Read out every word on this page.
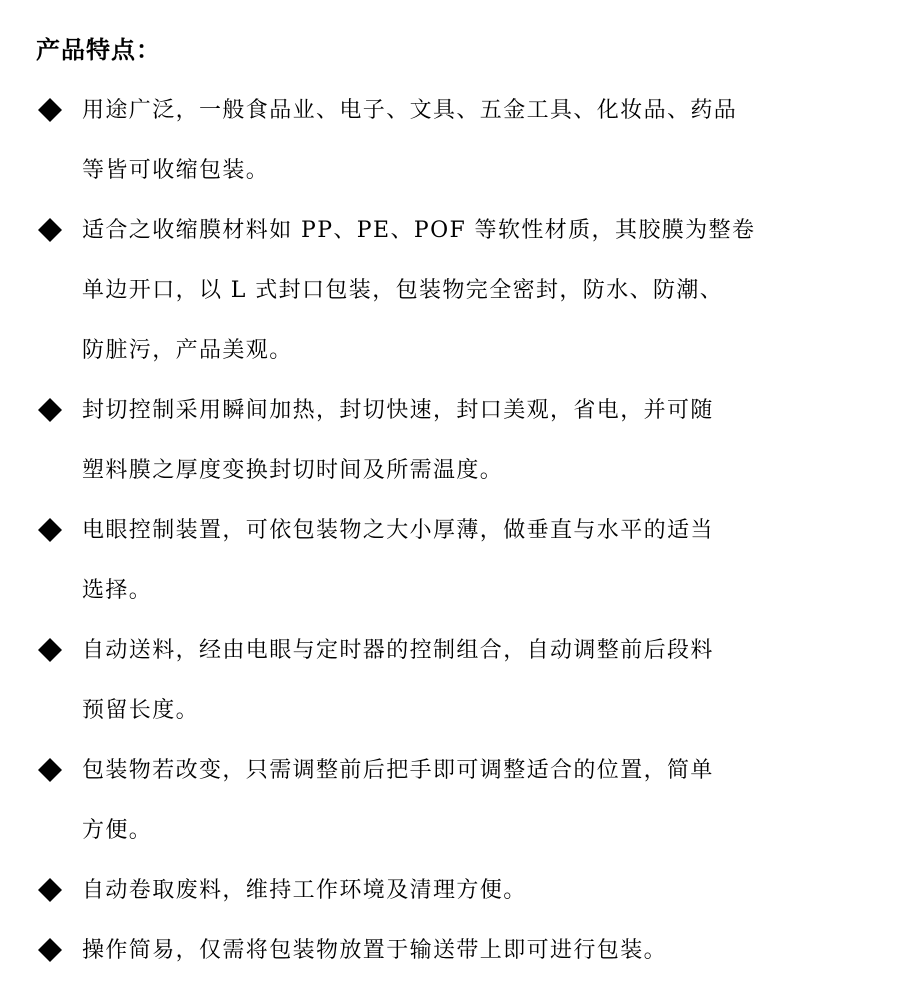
产品特点：
用途广泛，一般食品业、电子、文具、五金工具、化妆品、药品
等皆可收缩包装。
适合之收缩膜材料如 PP、PE、POF 等软性材质，其胶膜为整卷
单边开口，以 L 式封口包装，包装物完全密封，防水、防潮、
防脏污，产品美观。
封切控制采用瞬间加热，封切快速，封口美观，省电，并可随
塑料膜之厚度变换封切时间及所需温度。
电眼控制装置，可依包装物之大小厚薄，做垂直与水平的适当
选择。
自动送料，经由电眼与定时器的控制组合，自动调整前后段料
预留长度。
包装物若改变，只需调整前后把手即可调整适合的位置，简单
方便。
自动卷取废料，维持工作环境及清理方便。
操作简易，仅需将包装物放置于输送带上即可进行包装。
